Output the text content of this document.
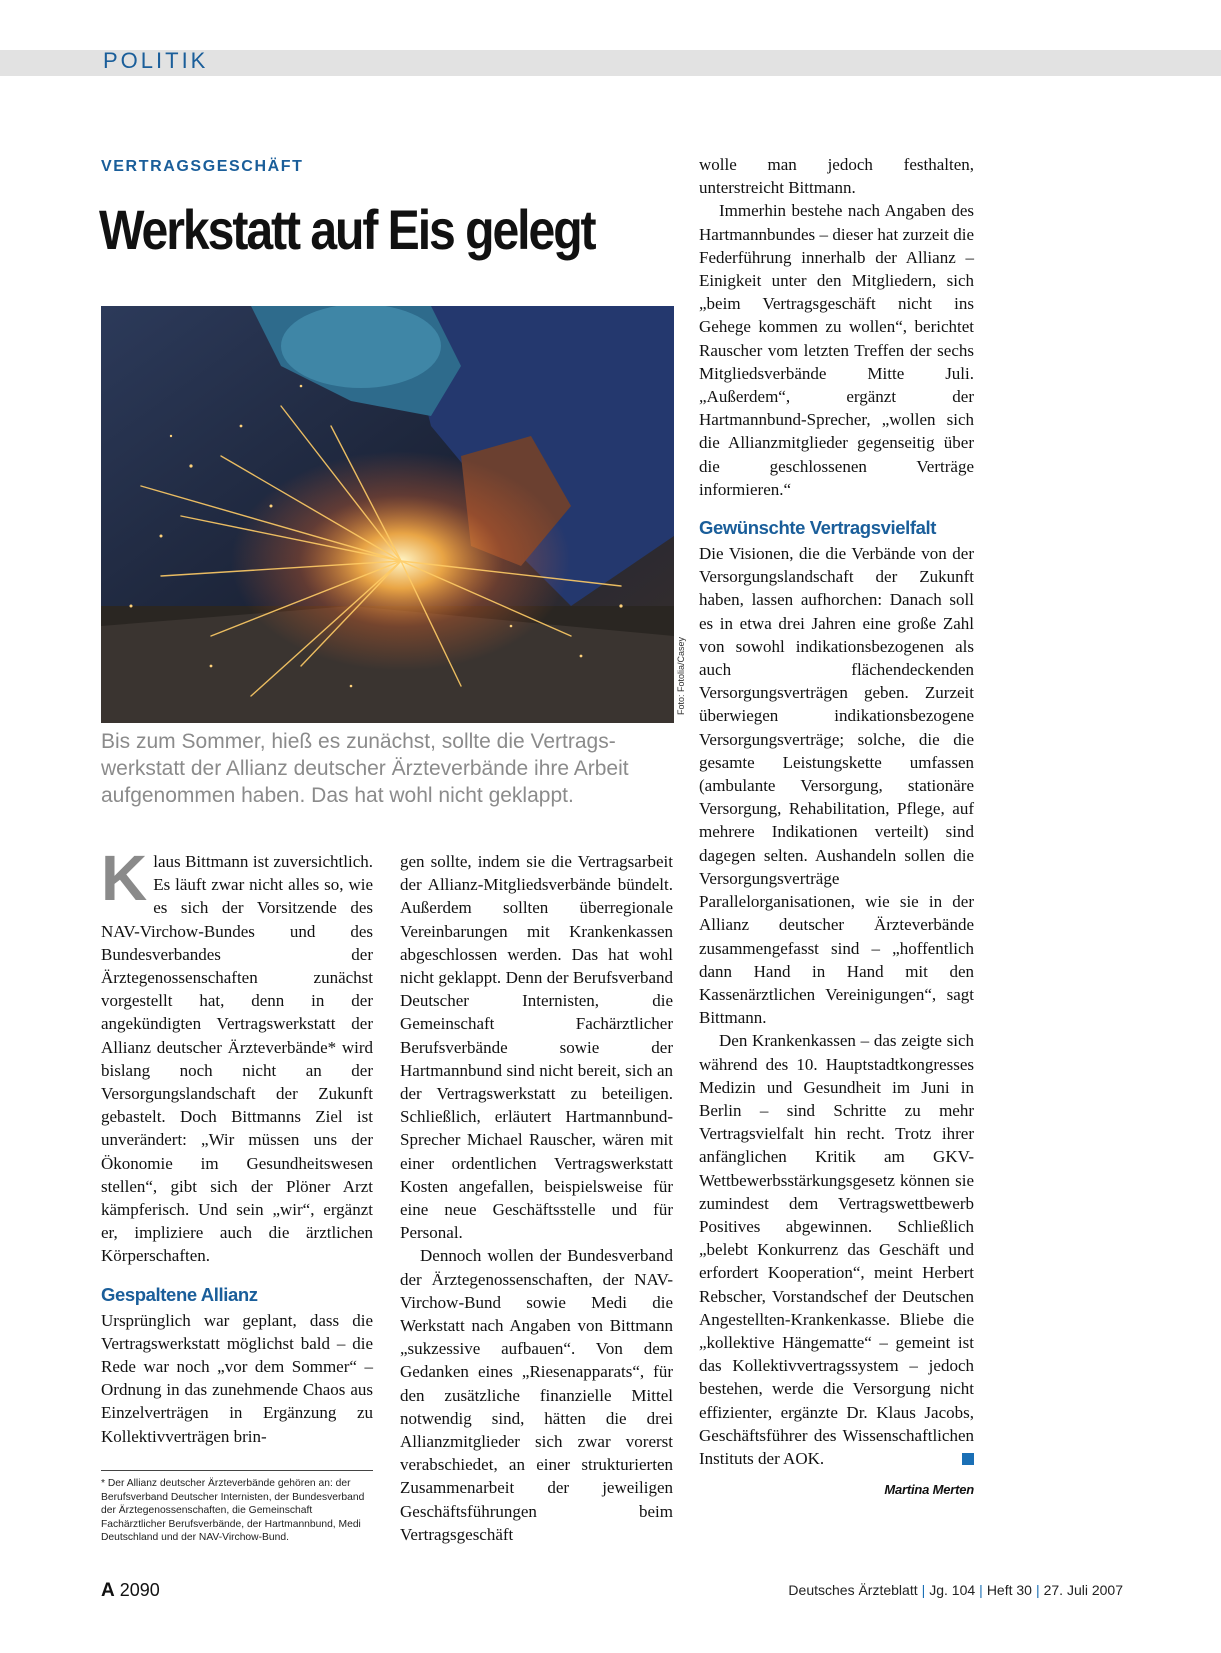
POLITIK
VERTRAGSGESCHÄFT
Werkstatt auf Eis gelegt
Foto: Fotolia/Casey
Bis zum Sommer, hieß es zunächst, sollte die Vertrags-werkstatt der Allianz deutscher Ärzteverbände ihre Arbeit aufgenommen haben. Das hat wohl nicht geklappt.

Klaus Bittmann ist zuversichtlich. Es läuft zwar nicht alles so, wie es sich der Vorsitzende des NAV-Virchow-Bundes und des Bundesverbandes der Ärztegenossenschaften zunächst vorgestellt hat, denn in der angekündigten Vertragswerkstatt der Allianz deutscher Ärzteverbände* wird bislang noch nicht an der Versorgungslandschaft der Zukunft gebastelt. Doch Bittmanns Ziel ist unverändert: „Wir müssen uns der Ökonomie im Gesundheitswesen stellen“, gibt sich der Plöner Arzt kämpferisch. Und sein „wir“, ergänzt er, impliziere auch die ärztlichen Körperschaften.

Gespaltene Allianz

Ursprünglich war geplant, dass die Vertragswerkstatt möglichst bald – die Rede war noch „vor dem Sommer“ – Ordnung in das zunehmende Chaos aus Einzelverträgen in Ergänzung zu Kollektivverträgen brin-

* Der Allianz deutscher Ärzteverbände gehören an: der Berufsverband Deutscher Internisten, der Bundesverband der Ärztegenossenschaften, die Gemeinschaft Fachärztlicher Berufsverbände, der Hartmannbund, Medi Deutschland und der NAV-Virchow-Bund.

gen sollte, indem sie die Vertragsarbeit der Allianz-Mitgliedsverbände bündelt. Außerdem sollten überregionale Vereinbarungen mit Krankenkassen abgeschlossen werden. Das hat wohl nicht geklappt. Denn der Berufsverband Deutscher Internisten, die Gemeinschaft Fachärztlicher Berufsverbände sowie der Hartmannbund sind nicht bereit, sich an der Vertragswerkstatt zu beteiligen. Schließlich, erläutert Hartmannbund-Sprecher Michael Rauscher, wären mit einer ordentlichen Vertragswerkstatt Kosten angefallen, beispielsweise für eine neue Geschäftsstelle und für Personal.

Dennoch wollen der Bundesverband der Ärztegenossenschaften, der NAV-Virchow-Bund sowie Medi die Werkstatt nach Angaben von Bittmann „sukzessive aufbauen“. Von dem Gedanken eines „Riesenapparats“, für den zusätzliche finanzielle Mittel notwendig sind, hätten die drei Allianzmitglieder sich zwar vorerst verabschiedet, an einer strukturierten Zusammenarbeit der jeweiligen Geschäftsführungen beim Vertragsgeschäft

wolle man jedoch festhalten, unterstreicht Bittmann.

Immerhin bestehe nach Angaben des Hartmannbundes – dieser hat zurzeit die Federführung innerhalb der Allianz – Einigkeit unter den Mitgliedern, sich „beim Vertragsgeschäft nicht ins Gehege kommen zu wollen“, berichtet Rauscher vom letzten Treffen der sechs Mitgliedsverbände Mitte Juli. „Außerdem“, ergänzt der Hartmannbund-Sprecher, „wollen sich die Allianzmitglieder gegenseitig über die geschlossenen Verträge informieren.“

Gewünschte Vertragsvielfalt

Die Visionen, die die Verbände von der Versorgungslandschaft der Zukunft haben, lassen aufhorchen: Danach soll es in etwa drei Jahren eine große Zahl von sowohl indikationsbezogenen als auch flächendeckenden Versorgungsverträgen geben. Zurzeit überwiegen indikationsbezogene Versorgungsverträge; solche, die die gesamte Leistungskette umfassen (ambulante Versorgung, stationäre Versorgung, Rehabilitation, Pflege, auf mehrere Indikationen verteilt) sind dagegen selten. Aushandeln sollen die Versorgungsverträge Parallelorganisationen, wie sie in der Allianz deutscher Ärzteverbände zusammengefasst sind – „hoffentlich dann Hand in Hand mit den Kassenärztlichen Vereinigungen“, sagt Bittmann.

Den Krankenkassen – das zeigte sich während des 10. Hauptstadtkongresses Medizin und Gesundheit im Juni in Berlin – sind Schritte zu mehr Vertragsvielfalt hin recht. Trotz ihrer anfänglichen Kritik am GKV-Wettbewerbsstärkungsgesetz können sie zumindest dem Vertragswettbewerb Positives abgewinnen. Schließlich „belebt Konkurrenz das Geschäft und erfordert Kooperation“, meint Herbert Rebscher, Vorstandschef der Deutschen Angestellten-Krankenkasse. Bliebe die „kollektive Hängematte“ – gemeint ist das Kollektivvertragssystem – jedoch bestehen, werde die Versorgung nicht effizienter, ergänzte Dr. Klaus Jacobs, Geschäftsführer des Wissenschaftlichen Instituts der AOK.

Martina Merten
A 2090	Deutsches Ärzteblatt | Jg. 104 | Heft 30 | 27. Juli 2007
